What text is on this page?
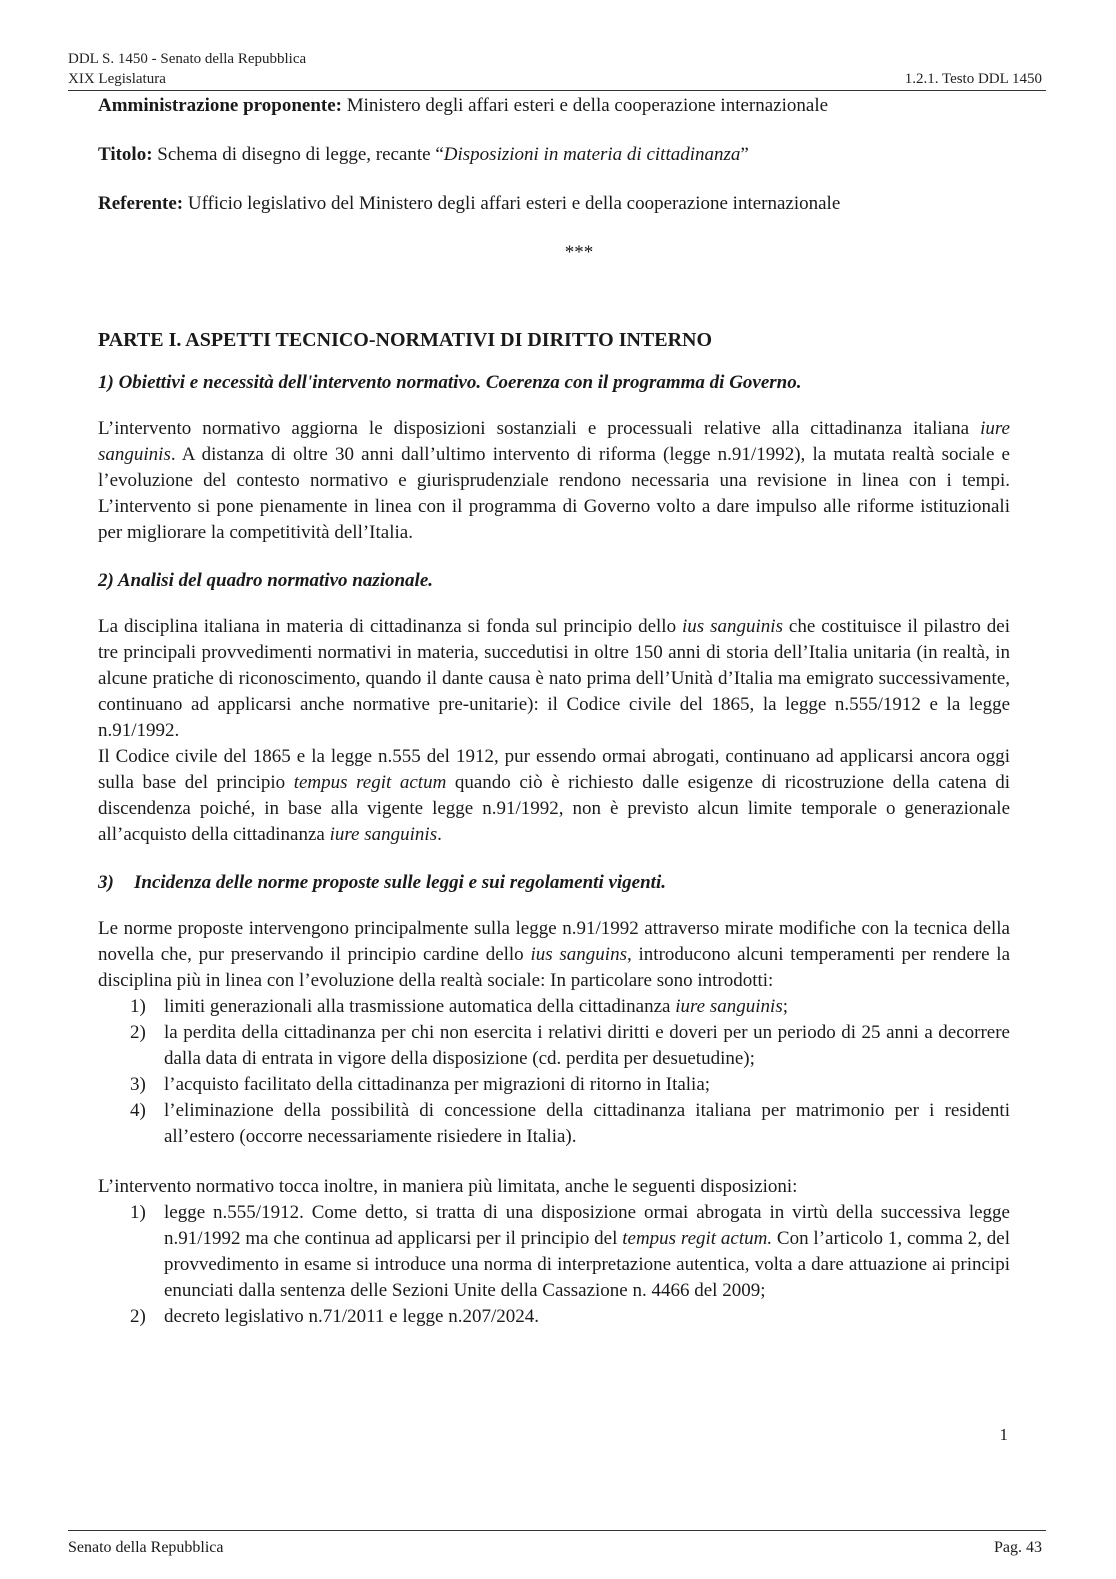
DDL S. 1450 - Senato della Repubblica
XIX Legislatura	1.2.1. Testo DDL 1450

Amministrazione proponente: Ministero degli affari esteri e della cooperazione internazionale

Titolo: Schema di disegno di legge, recante “Disposizioni in materia di cittadinanza”

Referente: Ufficio legislativo del Ministero degli affari esteri e della cooperazione internazionale

***
PARTE I. ASPETTI TECNICO-NORMATIVI DI DIRITTO INTERNO
1) Obiettivi e necessità dell'intervento normativo. Coerenza con il programma di Governo.

L’intervento normativo aggiorna le disposizioni sostanziali e processuali relative alla cittadinanza italiana iure sanguinis. A distanza di oltre 30 anni dall’ultimo intervento di riforma (legge n.91/1992), la mutata realtà sociale e l’evoluzione del contesto normativo e giurisprudenziale rendono necessaria una revisione in linea con i tempi. L’intervento si pone pienamente in linea con il programma di Governo volto a dare impulso alle riforme istituzionali per migliorare la competitività dell’Italia.

2) Analisi del quadro normativo nazionale.

La disciplina italiana in materia di cittadinanza si fonda sul principio dello ius sanguinis che costituisce il pilastro dei tre principali provvedimenti normativi in materia, succedutisi in oltre 150 anni di storia dell’Italia unitaria (in realtà, in alcune pratiche di riconoscimento, quando il dante causa è nato prima dell’Unità d’Italia ma emigrato successivamente, continuano ad applicarsi anche normative pre-unitarie): il Codice civile del 1865, la legge n.555/1912 e la legge n.91/1992.

Il Codice civile del 1865 e la legge n.555 del 1912, pur essendo ormai abrogati, continuano ad applicarsi ancora oggi sulla base del principio tempus regit actum quando ciò è richiesto dalle esigenze di ricostruzione della catena di discendenza poiché, in base alla vigente legge n.91/1992, non è previsto alcun limite temporale o generazionale all’acquisto della cittadinanza iure sanguinis.

3) Incidenza delle norme proposte sulle leggi e sui regolamenti vigenti.

Le norme proposte intervengono principalmente sulla legge n.91/1992 attraverso mirate modifiche con la tecnica della novella che, pur preservando il principio cardine dello ius sanguins, introducono alcuni temperamenti per rendere la disciplina più in linea con l’evoluzione della realtà sociale: In particolare sono introdotti:

1) limiti generazionali alla trasmissione automatica della cittadinanza iure sanguinis;
2) la perdita della cittadinanza per chi non esercita i relativi diritti e doveri per un periodo di 25 anni a decorrere dalla data di entrata in vigore della disposizione (cd. perdita per desuetudine);
3) l’acquisto facilitato della cittadinanza per migrazioni di ritorno in Italia;
4) l’eliminazione della possibilità di concessione della cittadinanza italiana per matrimonio per i residenti all’estero (occorre necessariamente risiedere in Italia).

L’intervento normativo tocca inoltre, in maniera più limitata, anche le seguenti disposizioni:

1) legge n.555/1912. Come detto, si tratta di una disposizione ormai abrogata in virtù della successiva legge n.91/1992 ma che continua ad applicarsi per il principio del tempus regit actum. Con l’articolo 1, comma 2, del provvedimento in esame si introduce una norma di interpretazione autentica, volta a dare attuazione ai principi enunciati dalla sentenza delle Sezioni Unite della Cassazione n. 4466 del 2009;
2) decreto legislativo n.71/2011 e legge n.207/2024.
1
Senato della Repubblica	Pag. 43
